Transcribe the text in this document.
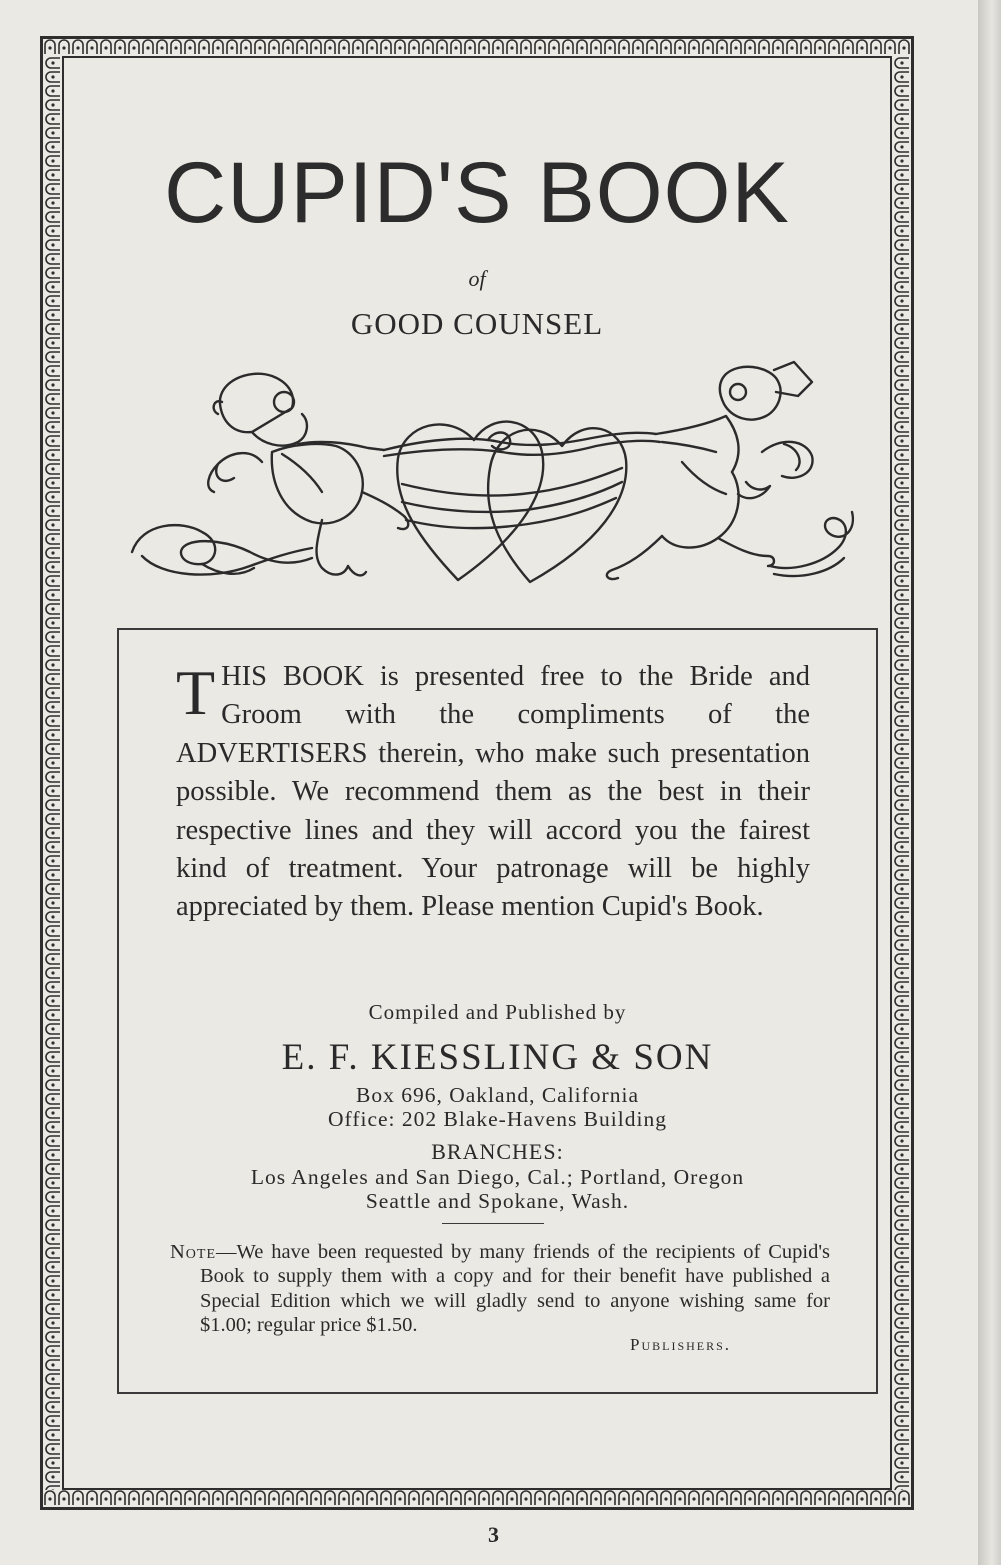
CUPID'S BOOK
of
GOOD COUNSEL
THIS BOOK is presented free to the Bride and Groom with the compliments of the ADVERTISERS therein, who make such presentation possible. We recommend them as the best in their respective lines and they will accord you the fairest kind of treatment. Your patronage will be highly appreciated by them. Please mention Cupid's Book.
Compiled and Published by
E. F. KIESSLING & SON
Box 696, Oakland, California
Office: 202 Blake-Havens Building
BRANCHES:
Los Angeles and San Diego, Cal.; Portland, Oregon
Seattle and Spokane, Wash.
Note—We have been requested by many friends of the recipients of Cupid's Book to supply them with a copy and for their benefit have published a Special Edition which we will gladly send to anyone wishing same for $1.00; regular price $1.50.
Publishers.
3
